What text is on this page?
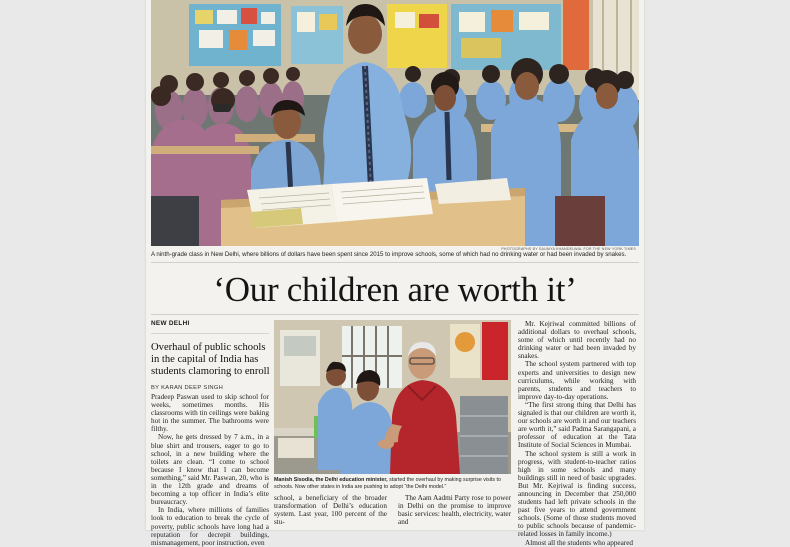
PHOTOGRAPHS BY SAUMYA KHANDELWAL FOR THE NEW YORK TIMES
A ninth-grade class in New Delhi, where billions of dollars have been spent since 2015 to improve schools, some of which had no drinking water or had been invaded by snakes.
‘Our children are worth it’
NEW DELHI
Overhaul of public schools in the capital of India has students clamoring to enroll
BY KARAN DEEP SINGH

Pradeep Paswan used to skip school for weeks, sometimes months. His classrooms with tin ceilings were baking hot in the summer. The bathrooms were filthy.

Now, he gets dressed by 7 a.m., in a blue shirt and trousers, eager to go to school, in a new building where the toilets are clean. “I come to school because I know that I can become something,” said Mr. Paswan, 20, who is in the 12th grade and dreams of becoming a top officer in India’s elite bureaucracy.

In India, where millions of families look to education to break the cycle of poverty, public schools have long had a reputation for decrepit buildings, mismanagement, poor instruction, even

Manish Sisodia, the Delhi education minister, started the overhaul by making surprise visits to schools. Now other states in India are pushing to adopt “the Delhi model.”

school, a beneficiary of the broader transformation of Delhi’s education system. Last year, 100 percent of the stu-

The Aam Aadmi Party rose to power in Delhi on the promise to improve basic services: health, electricity, water and

Mr. Kejriwal committed billions of additional dollars to overhaul schools, some of which until recently had no drinking water or had been invaded by snakes.

The school system partnered with top experts and universities to design new curriculums, while working with parents, students and teachers to improve day-to-day operations.

“The first strong thing that Delhi has signaled is that our children are worth it, our schools are worth it and our teachers are worth it,” said Padma Sarangapani, a professor of education at the Tata Institute of Social Sciences in Mumbai.

The school system is still a work in progress, with student-to-teacher ratios high in some schools and many buildings still in need of basic upgrades. But Mr. Kejriwal is finding success, announcing in December that 250,000 students had left private schools in the past five years to attend government schools. (Some of those students moved to public schools because of pandemic-related losses in family income.)

Almost all the students who appeared
